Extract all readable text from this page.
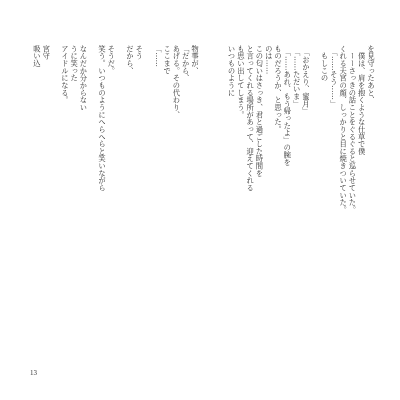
を見守ったあと、
　僕は、肩を抱くような仕草で僕
　ーーさっきの話ことをぐるぐると巡らせていた。
くれる天宮の顔、しっかりと目に焼きついていた。
　「……そう……」
　もしこの
　「おかえり、蜜月」
　「……ただいま」
　「……あれ、もう帰ったよ」の腕を
ものだろうか、と思った。
のは……
この匂いはさっき、君と過ごした時間を
と言ってくれる場所があって、迎えてくれる
も思い出してしまう。
いつものように
物事が、
「だから、
あげる。その代わり、
ここまで
「……
そう
だから、
そうだ。
笑う。いつものようにへらへらと笑いながら
なんだか分からない
うに笑った
アイドルになる。
宮守
吸い込
13
